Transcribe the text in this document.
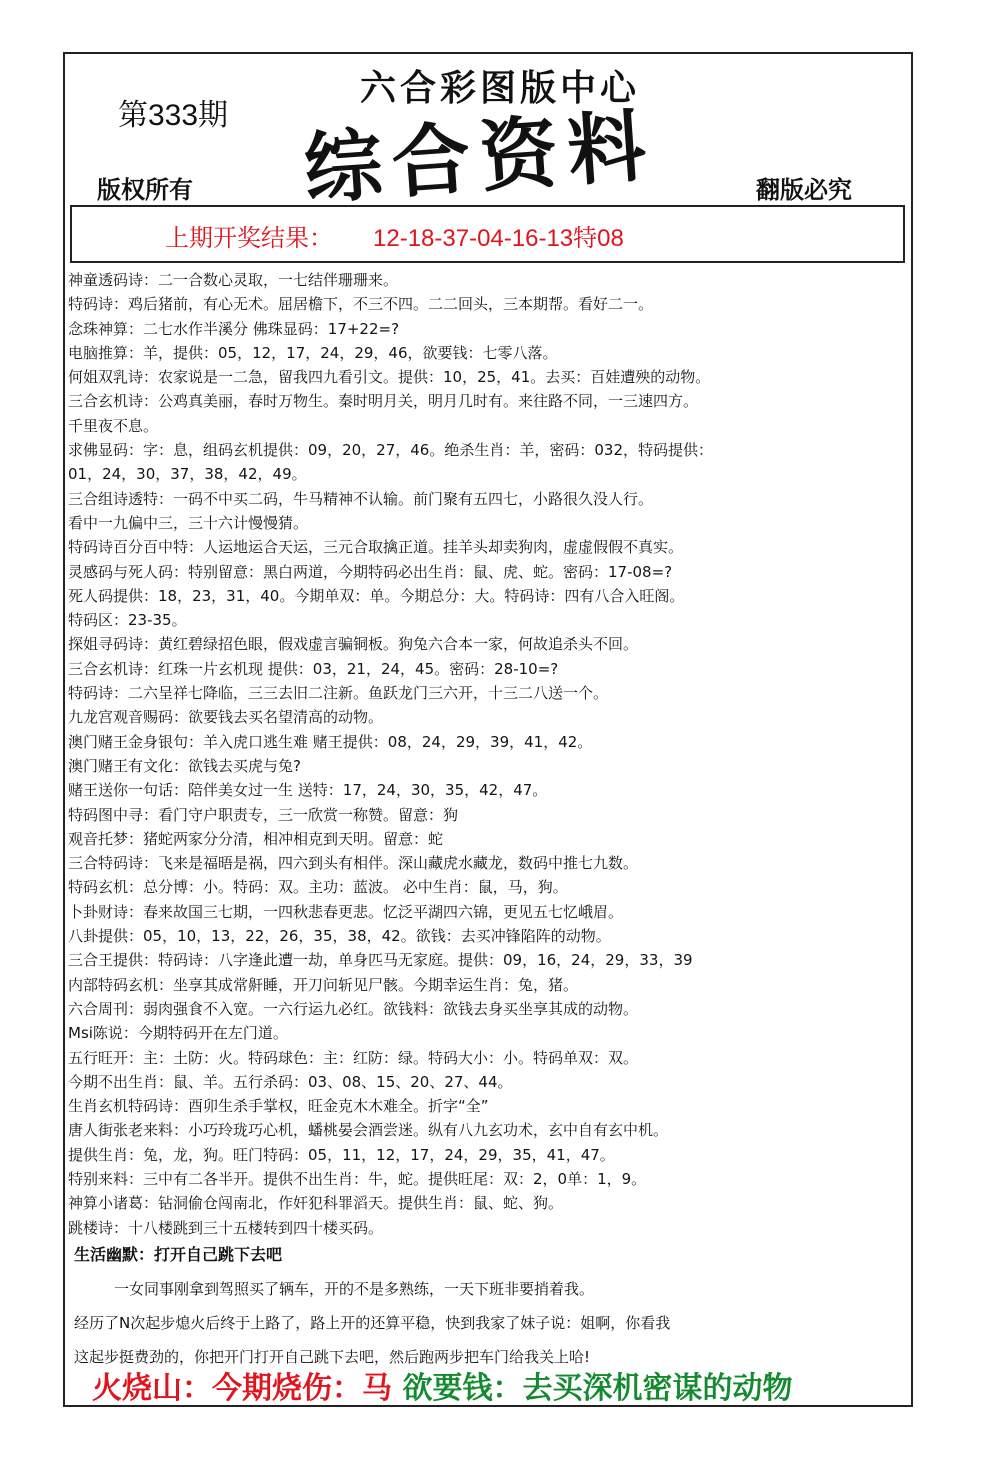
第333期
六合彩图版中心
综合资料
版权所有	翻版必究
上期开奖结果： 12-18-37-04-16-13特08
神童透码诗：二一合数心灵取，一七结伴珊珊来。
特码诗：鸡后猪前，有心无术。屈居檐下，不三不四。二二回头，三本期帮。看好二一。
念珠神算：二七水作半溪分 佛珠显码：17+22=?
电脑推算：羊，提供：05，12，17，24，29，46，欲要钱：七零八落。
何姐双乳诗：农家说是一二急，留我四九看引文。提供：10，25，41。去买：百娃遭殃的动物。
三合玄机诗：公鸡真美丽，春时万物生。秦时明月关，明月几时有。来往路不同，一三速四方。
千里夜不息。
求佛显码：字：息，组码玄机提供：09，20，27，46。绝杀生肖：羊，密码：032，特码提供：
01，24，30，37，38，42，49。
三合组诗透特：一码不中买二码，牛马精神不认输。前门聚有五四七，小路很久没人行。
看中一九偏中三，三十六计慢慢猜。
特码诗百分百中特：人运地运合天运，三元合取擒正道。挂羊头却卖狗肉，虚虚假假不真实。
灵感码与死人码：特别留意：黑白两道，今期特码必出生肖：鼠、虎、蛇。密码：17-08=?
死人码提供：18，23，31，40。今期单双：单。今期总分：大。特码诗：四有八合入旺阁。
特码区：23-35。
探姐寻码诗：黄红碧绿招色眼，假戏虚言骗铜板。狗兔六合本一家，何故追杀头不回。
三合玄机诗：红珠一片玄机现 提供：03，21，24，45。密码：28-10=?
特码诗：二六呈祥七降临，三三去旧二注新。鱼跃龙门三六开，十三二八送一个。
九龙宫观音赐码：欲要钱去买名望清高的动物。
澳门赌王金身银句：羊入虎口逃生难 赌王提供：08，24，29，39，41，42。
澳门赌王有文化：欲钱去买虎与兔?
赌王送你一句话：陪伴美女过一生 送特：17，24，30，35，42，47。
特码图中寻：看门守户职责专，三一欣赏一称赞。留意：狗
观音托梦：猪蛇两家分分清，相冲相克到天明。留意：蛇
三合特码诗：飞来是福晤是祸，四六到头有相伴。深山藏虎水藏龙，数码中推七九数。
特码玄机：总分博：小。特码：双。主功：蓝波。 必中生肖：鼠，马，狗。
卜卦财诗：春来故国三七期，一四秋悲春更悲。忆泛平湖四六锦，更见五七忆峨眉。
八卦提供：05，10，13，22，26，35，38，42。欲钱：去买冲锋陷阵的动物。
三合王提供：特码诗：八字逢此遭一劫，单身匹马无家庭。提供：09，16，24，29，33，39
内部特码玄机：坐享其成常鼾睡，开刀问斩见尸骸。今期幸运生肖：兔，猪。
六合周刊：弱肉强食不入宽。一六行运九必红。欲钱料：欲钱去身买坐享其成的动物。
Msi陈说：今期特码开在左门道。
五行旺开：主：土防：火。特码球色：主：红防：绿。特码大小：小。特码单双：双。
今期不出生肖：鼠、羊。五行杀码：03、08、15、20、27、44。
生肖玄机特码诗：酉卯生杀手掌权，旺金克木木难全。折字“全”
唐人街张老来料：小巧玲珑巧心机，蟠桃晏会酒尝迷。纵有八九玄功术，玄中自有玄中机。
提供生肖：兔，龙，狗。旺门特码：05，11，12，17，24，29，35，41，47。
特别来料：三中有二各半开。提供不出生肖：牛，蛇。提供旺尾：双：2，0单：1，9。
神算小诸葛：钻洞偷仓闯南北，作奸犯科罪滔天。提供生肖：鼠、蛇、狗。
跳楼诗：十八楼跳到三十五楼转到四十楼买码。
生活幽默：打开自己跳下去吧
一女同事刚拿到驾照买了辆车，开的不是多熟练，一天下班非要捎着我。
经历了N次起步熄火后终于上路了，路上开的还算平稳，快到我家了妹子说：姐啊，你看我
这起步挺费劲的，你把开门打开自己跳下去吧，然后跑两步把车门给我关上哈!
火烧山：今期烧伤：马 欲要钱：去买深机密谋的动物
